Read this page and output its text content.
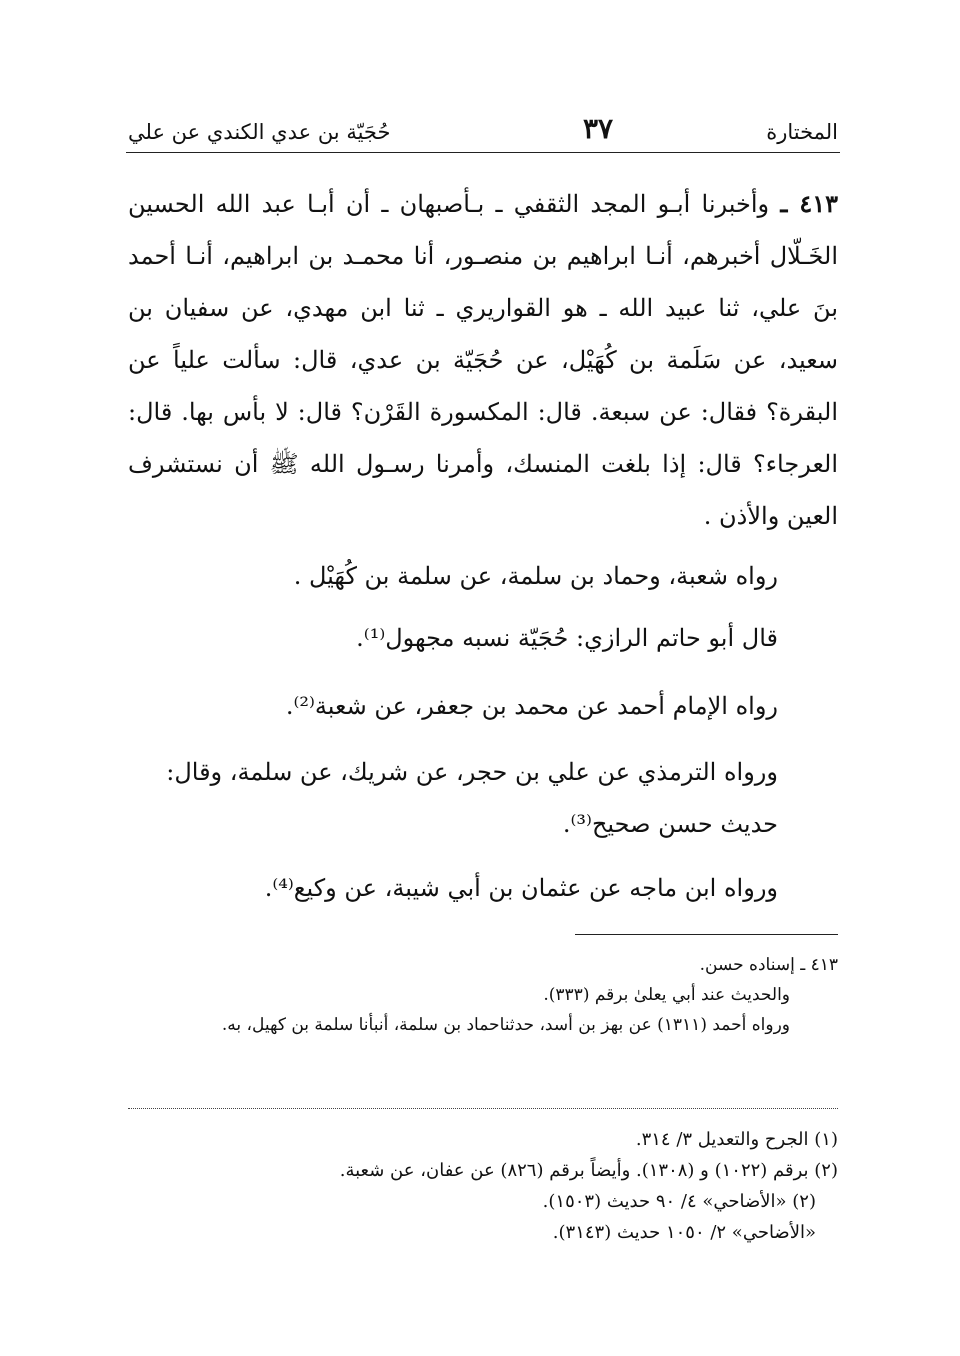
المختارة
٣٧
حُجَيّة بن عدي الكندي عن علي

٤١٣ ـ وأخبرنا أبـو المجد الثقفي ـ بـأصبهان ـ أن أبـا عبد الله الحسين الخَـلّال أخبرهم، أنـا ابراهيم بن منصـور، أنا محمـد بن ابراهيم، أنـا أحمد بنَ علي، ثنا عبيد الله ـ هو القواريري ـ ثنا ابن مهدي، عن سفيان بن سعيد، عن سَلَمة بن كُهَيْل، عن حُجَيّة بن عدي، قال: سألت علياً عن البقرة؟ فقال: عن سبعة. قال: المكسورة القَرْن؟ قال: لا بأس بها. قال: العرجاء؟ قال: إذا بلغت المنسك، وأمرنا رسـول الله ﷺ أن نستشرف العين والأذن .

رواه شعبة، وحماد بن سلمة، عن سلمة بن كُهَيْل .

قال أبو حاتم الرازي: حُجَيّة نسبه مجهول⁽¹⁾.

رواه الإمام أحمد عن محمد بن جعفر، عن شعبة⁽²⁾.

ورواه الترمذي عن علي بن حجر، عن شريك، عن سلمة، وقال: حديث حسن صحيح⁽³⁾.

ورواه ابن ماجه عن عثمان بن أبي شيبة، عن وكيع⁽⁴⁾.

٤١٣ ـ إسناده حسن.

والحديث عند أبي يعلىٰ برقم (٣٣٣).

ورواه أحمد (١٣١١) عن بهز بن أسد، حدثناحماد بن سلمة، أنبأنا سلمة بن كهيل، به.

(١) الجرح والتعديل ٣/ ٣١٤.

(٢) برقم (١٠٢٢) و (١٣٠٨). وأيضاً برقم (٨٢٦) عن عفان، عن شعبة.

(٢) «الأضاحي» ٤/ ٩٠ حديث (١٥٠٣).

«الأضاحي» ٢/ ١٠٥٠ حديث (٣١٤٣).
